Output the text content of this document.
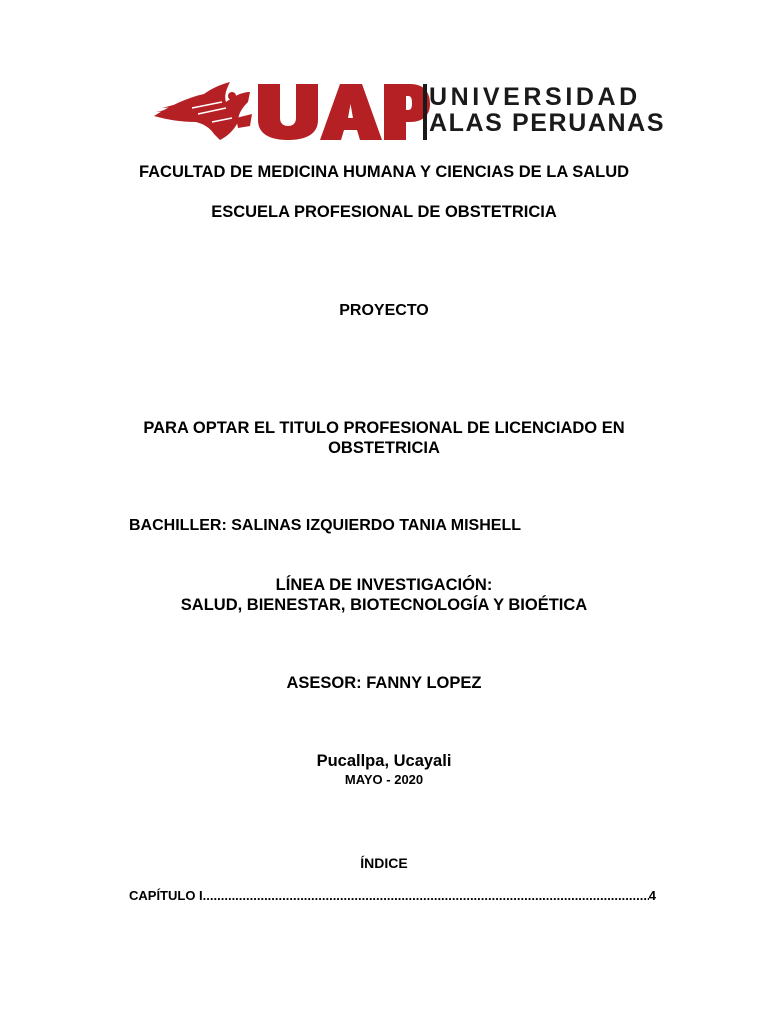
UNIVERSIDAD
ALAS PERUANAS
FACULTAD DE MEDICINA HUMANA Y CIENCIAS DE LA SALUD
ESCUELA PROFESIONAL DE OBSTETRICIA
PROYECTO
PARA OPTAR EL TITULO PROFESIONAL DE LICENCIADO EN OBSTETRICIA
BACHILLER: SALINAS IZQUIERDO TANIA MISHELL
LÍNEA DE INVESTIGACIÓN:
SALUD, BIENESTAR, BIOTECNOLOGÍA Y BIOÉTICA
ASESOR: FANNY LOPEZ
Pucallpa, Ucayali
MAYO - 2020
ÍNDICE
CAPÍTULO I
.....	4
